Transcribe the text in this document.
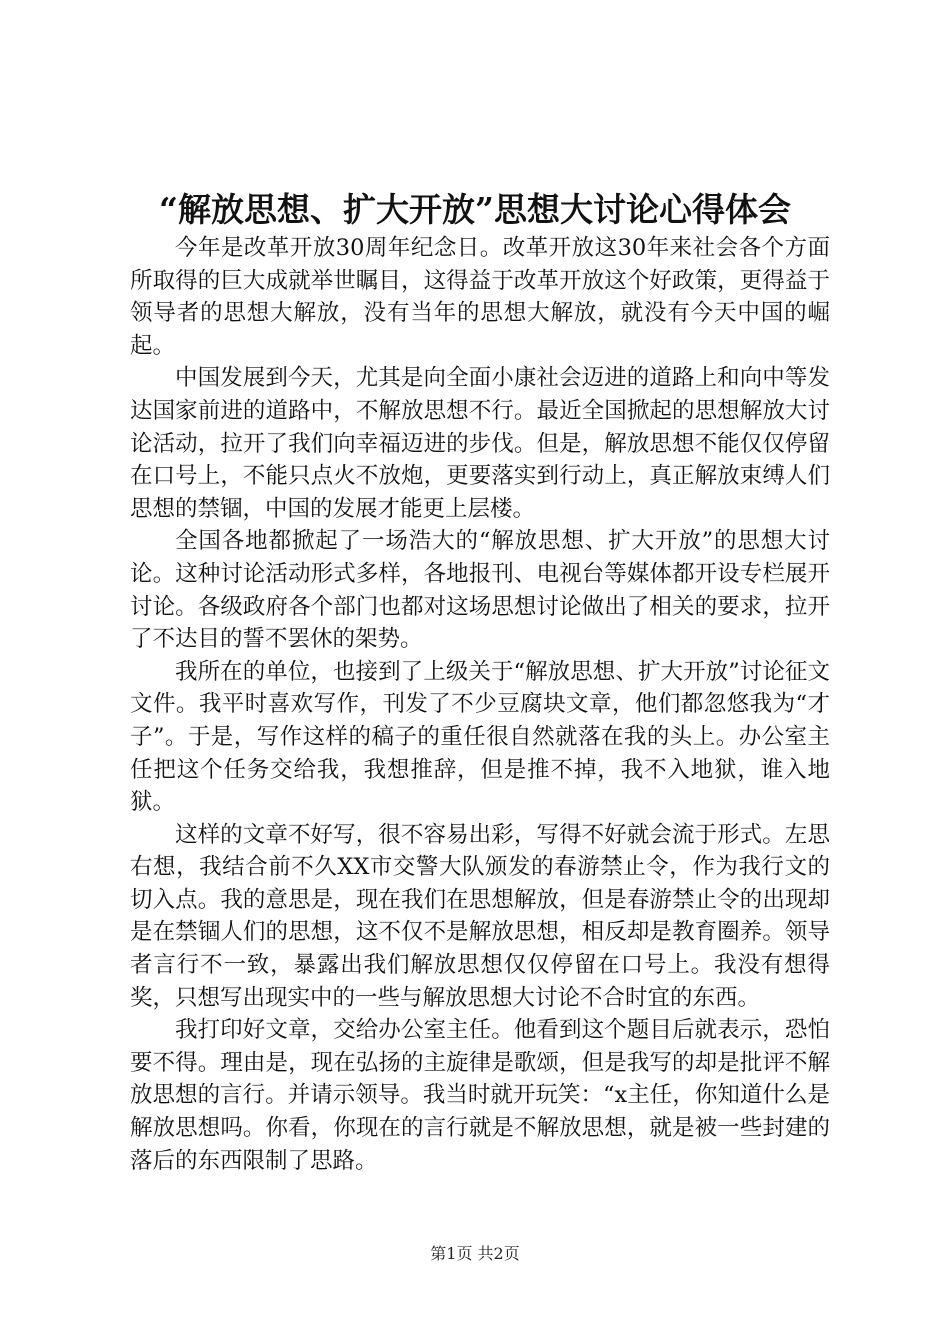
“解放思想、扩大开放”思想大讨论心得体会

今年是改革开放30周年纪念日。改革开放这30年来社会各个方面所取得的巨大成就举世瞩目，这得益于改革开放这个好政策，更得益于领导者的思想大解放，没有当年的思想大解放，就没有今天中国的崛起。

中国发展到今天，尤其是向全面小康社会迈进的道路上和向中等发达国家前进的道路中，不解放思想不行。最近全国掀起的思想解放大讨论活动，拉开了我们向幸福迈进的步伐。但是，解放思想不能仅仅停留在口号上，不能只点火不放炮，更要落实到行动上，真正解放束缚人们思想的禁锢，中国的发展才能更上层楼。

全国各地都掀起了一场浩大的“解放思想、扩大开放”的思想大讨论。这种讨论活动形式多样，各地报刊、电视台等媒体都开设专栏展开讨论。各级政府各个部门也都对这场思想讨论做出了相关的要求，拉开了不达目的誓不罢休的架势。

我所在的单位，也接到了上级关于“解放思想、扩大开放”讨论征文文件。我平时喜欢写作，刊发了不少豆腐块文章，他们都忽悠我为“才子”。于是，写作这样的稿子的重任很自然就落在我的头上。办公室主任把这个任务交给我，我想推辞，但是推不掉，我不入地狱，谁入地狱。

这样的文章不好写，很不容易出彩，写得不好就会流于形式。左思右想，我结合前不久XX市交警大队颁发的春游禁止令，作为我行文的切入点。我的意思是，现在我们在思想解放，但是春游禁止令的出现却是在禁锢人们的思想，这不仅不是解放思想，相反却是教育圈养。领导者言行不一致，暴露出我们解放思想仅仅停留在口号上。我没有想得奖，只想写出现实中的一些与解放思想大讨论不合时宜的东西。

我打印好文章，交给办公室主任。他看到这个题目后就表示，恐怕要不得。理由是，现在弘扬的主旋律是歌颂，但是我写的却是批评不解放思想的言行。并请示领导。我当时就开玩笑：“x主任，你知道什么是解放思想吗。你看，你现在的言行就是不解放思想，就是被一些封建的落后的东西限制了思路。

第1页 共2页
